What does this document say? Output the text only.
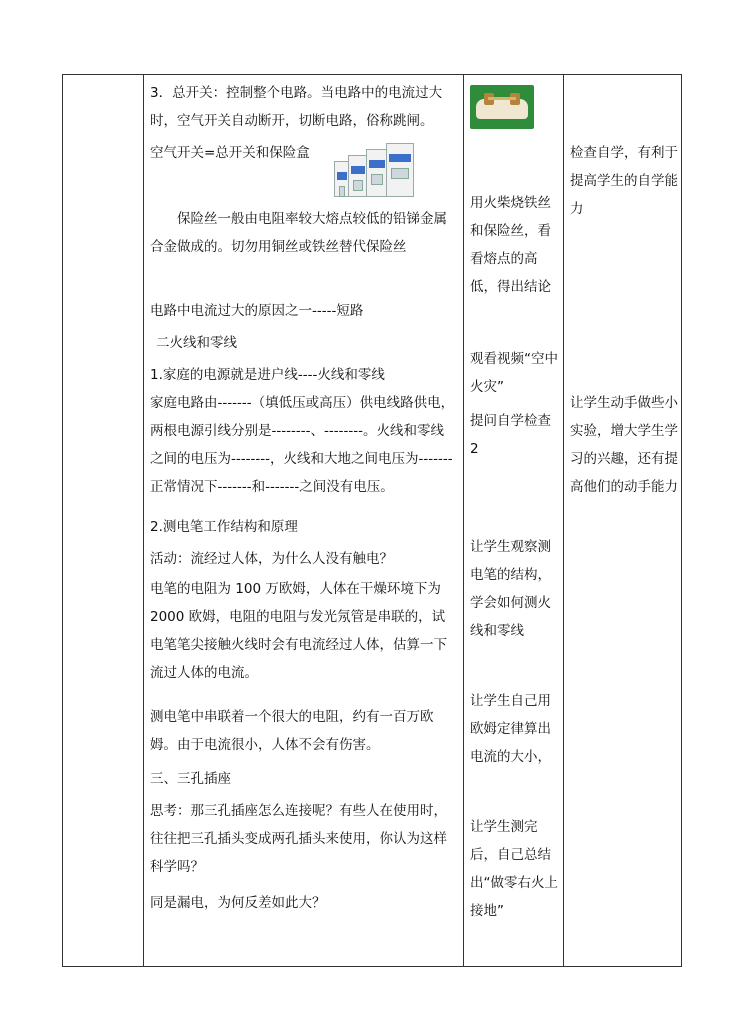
3．总开关：控制整个电路。当电路中的电流过大时，空气开关自动断开，切断电路，俗称跳闸。

空气开关=总开关和保险盒

保险丝一般由电阻率较大熔点较低的铅锑金属合金做成的。切勿用铜丝或铁丝替代保险丝

电路中电流过大的原因之一-----短路

二火线和零线

1.家庭的电源就是进户线----火线和零线

家庭电路由-------（填低压或高压）供电线路供电，两根电源引线分别是--------、--------。火线和零线之间的电压为--------，火线和大地之间电压为-------正常情况下-------和-------之间没有电压。

2.测电笔工作结构和原理

活动：流经过人体，为什么人没有触电？

电笔的电阻为 100 万欧姆，人体在干燥环境下为 2000 欧姆，电阻的电阻与发光氖管是串联的，试电笔笔尖接触火线时会有电流经过人体，估算一下流过人体的电流。

测电笔中串联着一个很大的电阻，约有一百万欧姆。由于电流很小，人体不会有伤害。

三、三孔插座

思考：那三孔插座怎么连接呢？有些人在使用时，往往把三孔插头变成两孔插头来使用，你认为这样科学吗？

同是漏电，为何反差如此大？

用火柴烧铁丝和保险丝，看看熔点的高低，得出结论

观看视频“空中火灾”

提问自学检查 2

让学生观察测电笔的结构，学会如何测火线和零线

让学生自己用欧姆定律算出电流的大小，

让学生测完后，自己总结出“做零右火上接地”

检查自学，有利于提高学生的自学能力

让学生动手做些小实验，增大学生学习的兴趣，还有提高他们的动手能力
